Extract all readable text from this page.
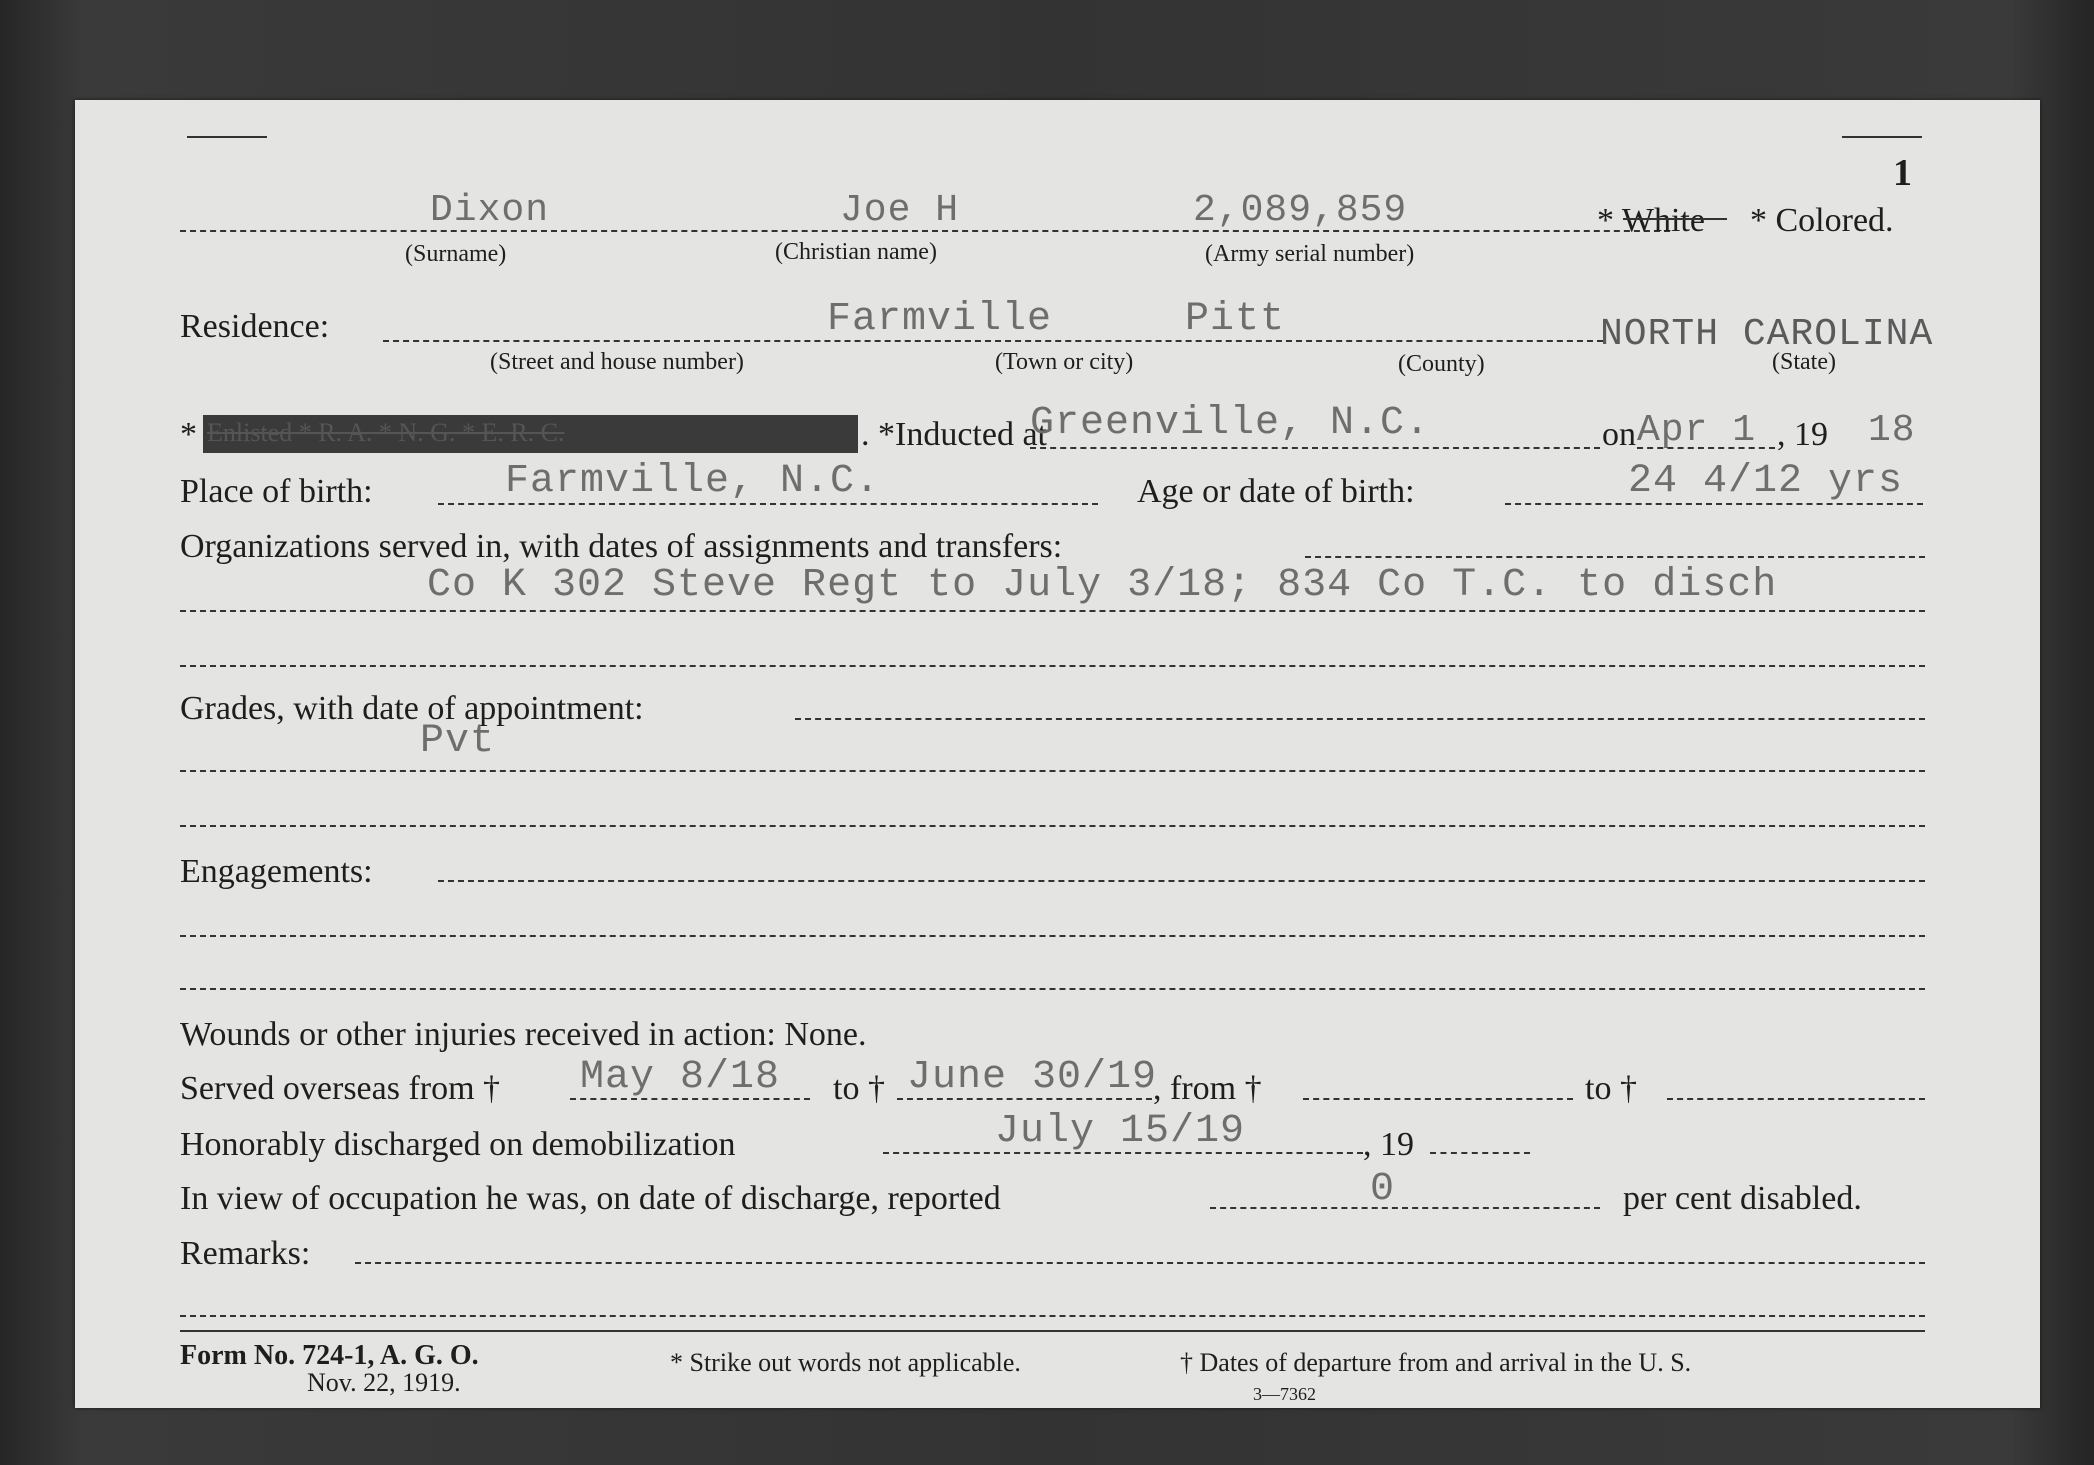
1
Dixon	Joe H	2,089,859	* White * Colored.
(Surname)	(Christian name)	(Army serial number)
Residence:	Farmville	Pitt	NORTH CAROLINA
(Street and house number)	(Town or city)	(County)	(State)
* Enlisted * R. A. * N. G. * E. R. C.	. *Inducted at
Greenville, N.C.	on Apr 1 , 19 18
Place of birth:	Farmville, N.C.	Age or date of birth:	24 4/12 yrs
Organizations served in, with dates of assignments and transfers:
Co K 302 Steve Regt to July 3/18; 834 Co T.C. to disch
Grades, with date of appointment:
Pvt
Engagements:
Wounds or other injuries received in action: None.
Served overseas from † May 8/18 to † June 30/19
, from †	to †
Honorably discharged on demobilization	July 15/19	, 19
In view of occupation he was, on date of discharge, reported	0	per cent disabled.
Remarks:
Form No. 724-1, A. G. O.
Nov. 22, 1919.
* Strike out words not applicable.	† Dates of departure from and arrival in the U. S.
3—7362
